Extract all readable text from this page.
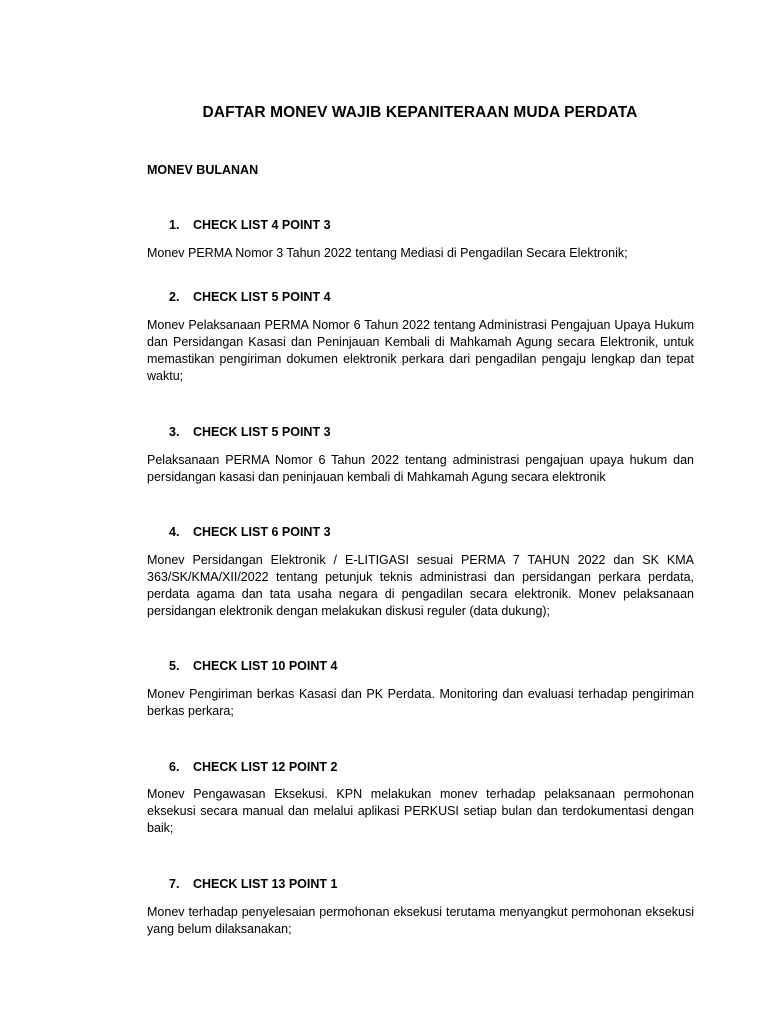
DAFTAR MONEV WAJIB KEPANITERAAN MUDA PERDATA
MONEV BULANAN
1. CHECK LIST 4 POINT 3
Monev PERMA Nomor 3 Tahun 2022 tentang Mediasi di Pengadilan Secara Elektronik;
2. CHECK LIST 5 POINT 4
Monev Pelaksanaan PERMA Nomor 6 Tahun 2022 tentang Administrasi Pengajuan Upaya Hukum dan Persidangan Kasasi dan Peninjauan Kembali di Mahkamah Agung secara Elektronik, untuk memastikan pengiriman dokumen elektronik perkara dari pengadilan pengaju lengkap dan tepat waktu;
3. CHECK LIST 5 POINT 3
Pelaksanaan PERMA Nomor 6 Tahun 2022 tentang administrasi pengajuan upaya hukum dan persidangan kasasi dan peninjauan kembali di Mahkamah Agung secara elektronik
4. CHECK LIST 6 POINT 3
Monev Persidangan Elektronik / E-LITIGASI sesuai PERMA 7 TAHUN 2022 dan SK KMA 363/SK/KMA/XII/2022 tentang petunjuk teknis administrasi dan persidangan perkara perdata, perdata agama dan tata usaha negara di pengadilan secara elektronik. Monev pelaksanaan persidangan elektronik dengan melakukan diskusi reguler (data dukung);
5. CHECK LIST 10 POINT 4
Monev Pengiriman berkas Kasasi dan PK Perdata. Monitoring dan evaluasi terhadap pengiriman berkas perkara;
6. CHECK LIST 12 POINT 2
Monev Pengawasan Eksekusi. KPN melakukan monev terhadap pelaksanaan permohonan eksekusi secara manual dan melalui aplikasi PERKUSI setiap bulan dan terdokumentasi dengan baik;
7. CHECK LIST 13 POINT 1
Monev terhadap penyelesaian permohonan eksekusi terutama menyangkut permohonan eksekusi yang belum dilaksanakan;
